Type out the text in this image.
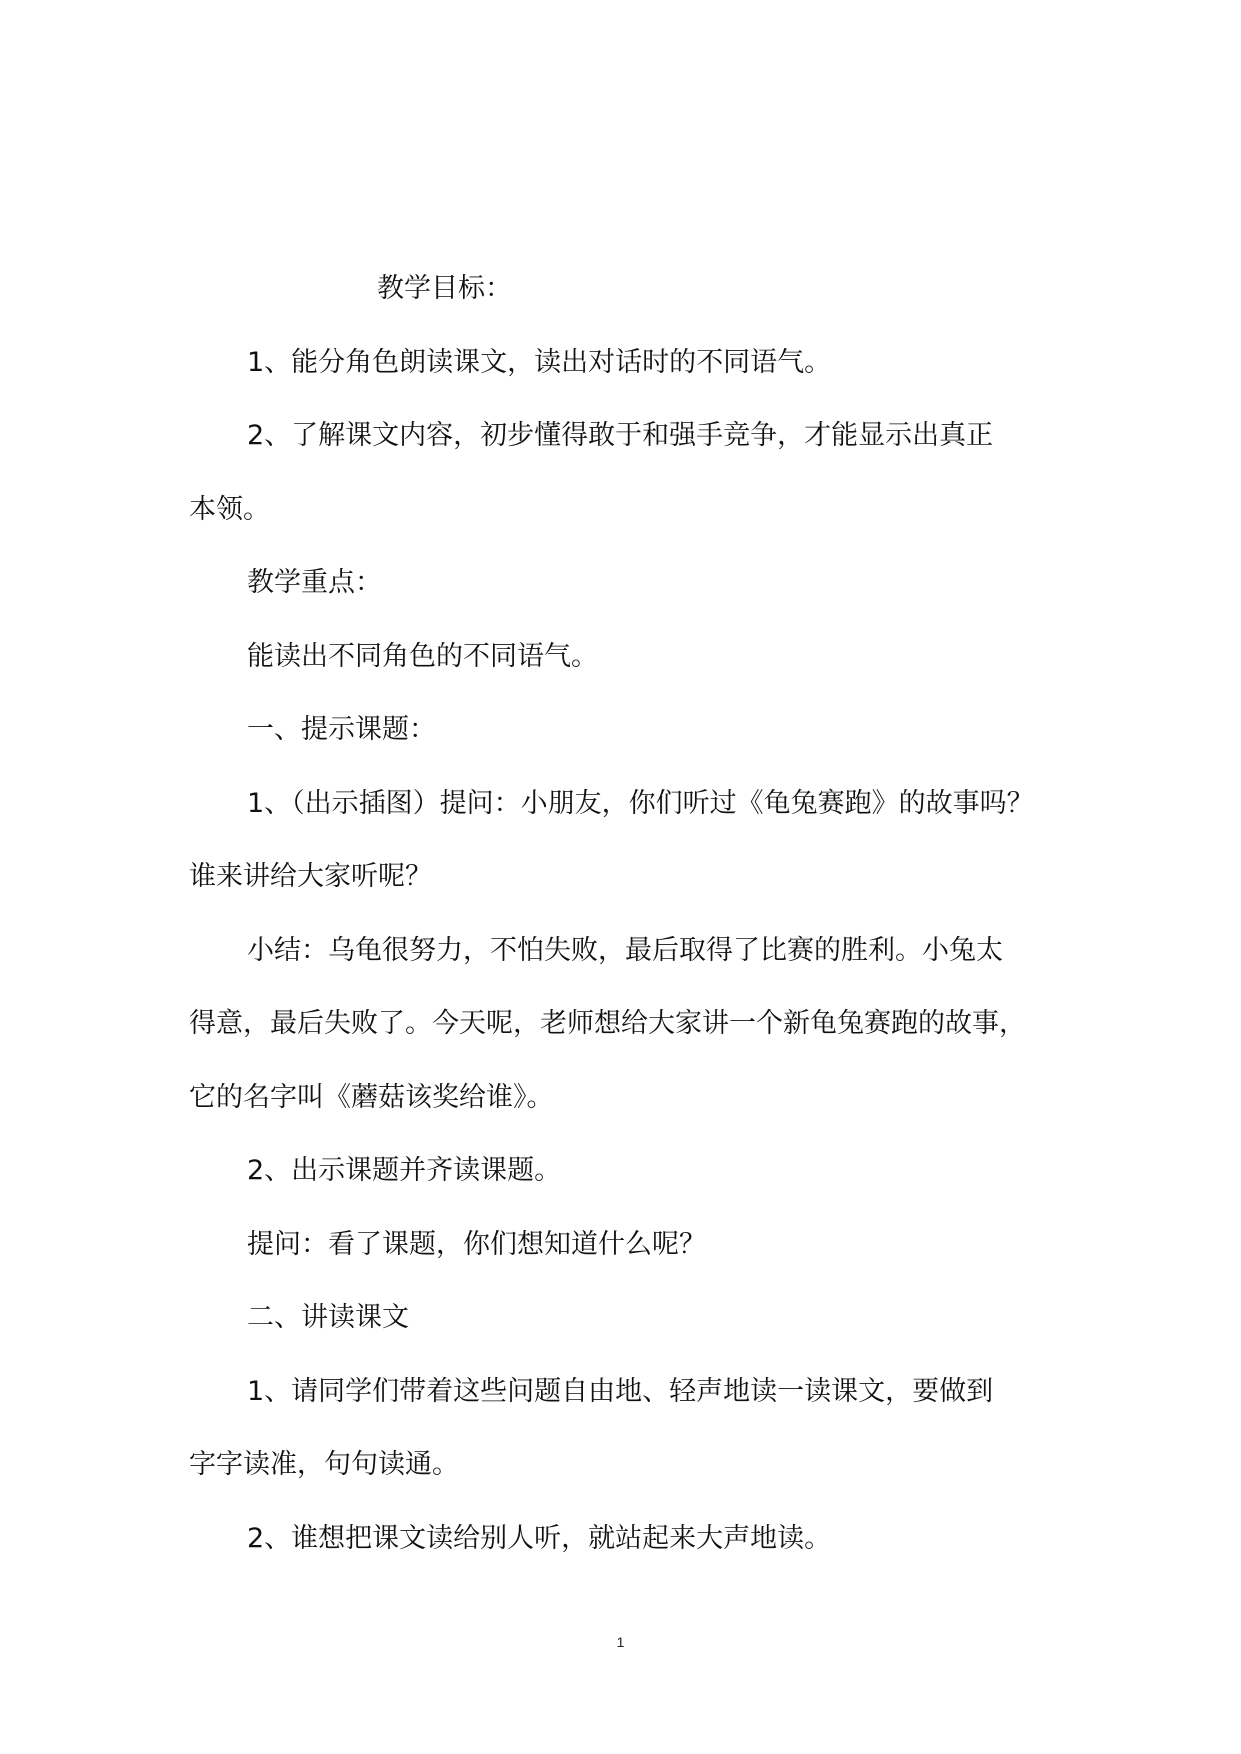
教学目标：
1、能分角色朗读课文，读出对话时的不同语气。
2、了解课文内容，初步懂得敢于和强手竞争，才能显示出真正
本领。
教学重点：
能读出不同角色的不同语气。
一、提示课题：
1、（出示插图）提问：小朋友，你们听过《龟兔赛跑》的故事吗？
谁来讲给大家听呢？
小结：乌龟很努力，不怕失败，最后取得了比赛的胜利。小兔太
得意，最后失败了。今天呢，老师想给大家讲一个新龟兔赛跑的故事，
它的名字叫《蘑菇该奖给谁》。
2、出示课题并齐读课题。
提问：看了课题，你们想知道什么呢？
二、讲读课文
1、请同学们带着这些问题自由地、轻声地读一读课文，要做到
字字读准，句句读通。
2、谁想把课文读给别人听，就站起来大声地读。
1
